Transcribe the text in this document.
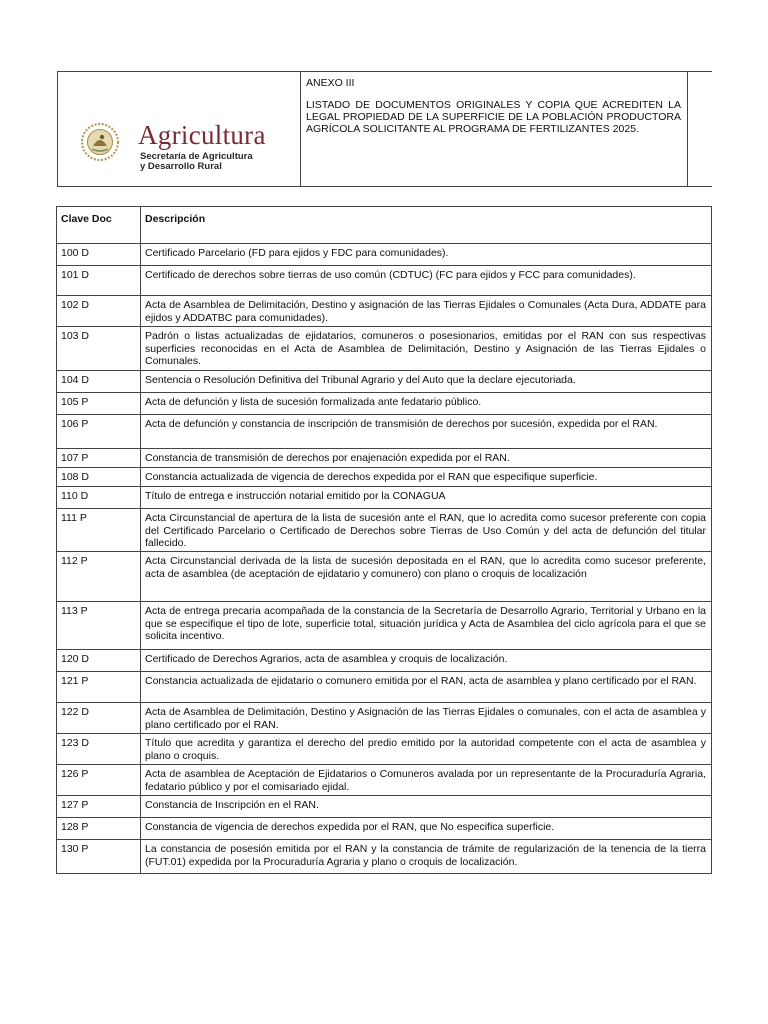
Agricultura
Secretaría de Agricultura
y Desarrollo Rural
ANEXO III
LISTADO DE DOCUMENTOS ORIGINALES Y COPIA QUE ACREDITEN LA LEGAL PROPIEDAD DE LA SUPERFICIE DE LA POBLACIÓN PRODUCTORA AGRÍCOLA SOLICITANTE AL PROGRAMA DE FERTILIZANTES 2025.
Clave Doc	Descripción
100 D	Certificado Parcelario (FD para ejidos y FDC para comunidades).
101 D	Certificado de derechos sobre tierras de uso común (CDTUC) (FC para ejidos y FCC para comunidades).
102 D	Acta de Asamblea de Delimitación, Destino y asignación de las Tierras Ejidales o Comunales (Acta Dura, ADDATE para ejidos y ADDATBC para comunidades).
103 D	Padrón o listas actualizadas de ejidatarios, comuneros o posesionarios, emitidas por el RAN con sus respectivas superficies reconocidas en el Acta de Asamblea de Delimitación, Destino y Asignación de las Tierras Ejidales o Comunales.
104 D	Sentencia o Resolución Definitiva del Tribunal Agrario y del Auto que la declare ejecutoriada.
105 P	Acta de defunción y lista de sucesión formalizada ante fedatario público.
106 P	Acta de defunción y constancia de inscripción de transmisión de derechos por sucesión, expedida por el RAN.
107 P	Constancia de transmisión de derechos por enajenación expedida por el RAN.
108 D	Constancia actualizada de vigencia de derechos expedida por el RAN que especifique superficie.
110 D	Título de entrega e instrucción notarial emitido por la CONAGUA
111 P	Acta Circunstancial de apertura de la lista de sucesión ante el RAN, que lo acredita como sucesor preferente con copia del Certificado Parcelario o Certificado de Derechos sobre Tierras de Uso Común y del acta de defunción del titular fallecido.
112 P	Acta Circunstancial derivada de la lista de sucesión depositada en el RAN, que lo acredita como sucesor preferente, acta de asamblea (de aceptación de ejidatario y comunero) con plano o croquis de localización
113 P	Acta de entrega precaria acompañada de la constancia de la Secretaría de Desarrollo Agrario, Territorial y Urbano en la que se especifique el tipo de lote, superficie total, situación jurídica y Acta de Asamblea del ciclo agrícola para el que se solicita incentivo.
120 D	Certificado de Derechos Agrarios, acta de asamblea y croquis de localización.
121 P	Constancia actualizada de ejidatario o comunero emitida por el RAN, acta de asamblea y plano certificado por el RAN.
122 D	Acta de Asamblea de Delimitación, Destino y Asignación de las Tierras Ejidales o comunales, con el acta de asamblea y plano certificado por el RAN.
123 D	Título que acredita y garantiza el derecho del predio emitido por la autoridad competente con el acta de asamblea y plano o croquis.
126 P	Acta de asamblea de Aceptación de Ejidatarios o Comuneros avalada por un representante de la Procuraduría Agraria, fedatario público y por el comisariado ejidal.
127 P	Constancia de Inscripción en el RAN.
128 P	Constancia de vigencia de derechos expedida por el RAN, que No especifica superficie.
130 P	La constancia de posesión emitida por el RAN y la constancia de trámite de regularización de la tenencia de la tierra (FUT.01) expedida por la Procuraduría Agraria y plano o croquis de localización.
